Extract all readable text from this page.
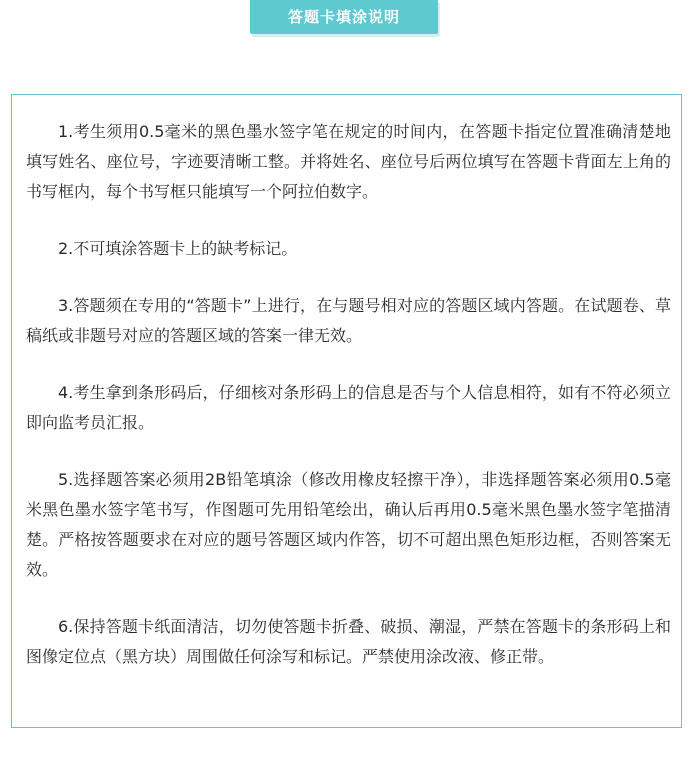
答题卡填涂说明

1.考生须用0.5毫米的黑色墨水签字笔在规定的时间内，在答题卡指定位置准确清楚地填写姓名、座位号，字迹要清晰工整。并将姓名、座位号后两位填写在答题卡背面左上角的书写框内，每个书写框只能填写一个阿拉伯数字。

2.不可填涂答题卡上的缺考标记。

3.答题须在专用的“答题卡”上进行，在与题号相对应的答题区域内答题。在试题卷、草稿纸或非题号对应的答题区域的答案一律无效。

4.考生拿到条形码后，仔细核对条形码上的信息是否与个人信息相符，如有不符必须立即向监考员汇报。

5.选择题答案必须用2B铅笔填涂（修改用橡皮轻擦干净），非选择题答案必须用0.5毫米黑色墨水签字笔书写，作图题可先用铅笔绘出，确认后再用0.5毫米黑色墨水签字笔描清楚。严格按答题要求在对应的题号答题区域内作答，切不可超出黑色矩形边框，否则答案无效。

6.保持答题卡纸面清洁，切勿使答题卡折叠、破损、潮湿，严禁在答题卡的条形码上和图像定位点（黑方块）周围做任何涂写和标记。严禁使用涂改液、修正带。
